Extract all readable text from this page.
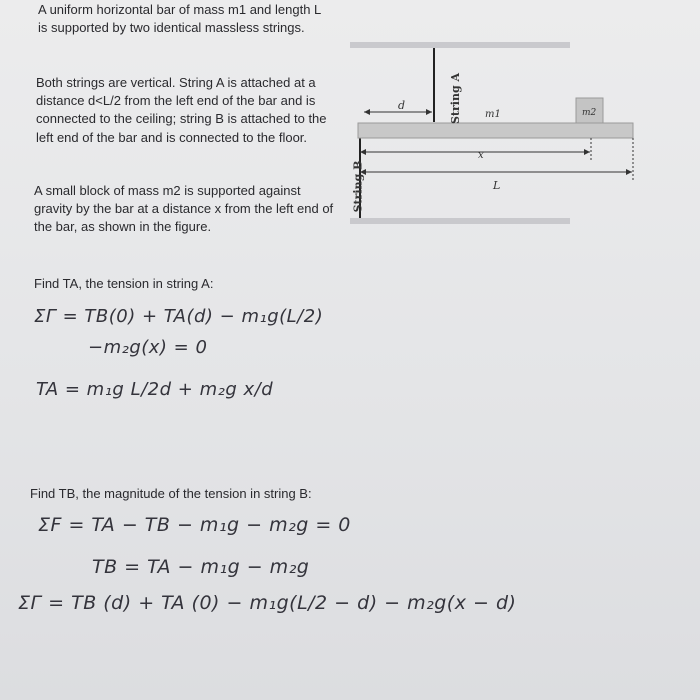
A uniform horizontal bar of mass m1 and length L is supported by two identical massless strings.

Both strings are vertical. String A is attached at a distance d<L/2 from the left end of the bar and is connected to the ceiling; string B is attached to the left end of the bar and is connected to the floor.

A small block of mass m2 is supported against gravity by the bar at a distance x from the left end of the bar, as shown in the figure.

String A
String B
d
m1	m2
x
L

Find TA, the tension in string A:

ΣΓ = TB(0) + TA(d) − m₁g(L/2)
−m₂g(x) = 0
TA = m₁g L/2d + m₂g x/d

Find TB, the magnitude of the tension in string B:

ΣF = TA − TB − m₁g − m₂g = 0
TB = TA − m₁g − m₂g
ΣΓ = TB (d) + TA (0) − m₁g(L/2 − d) − m₂g(x − d)
